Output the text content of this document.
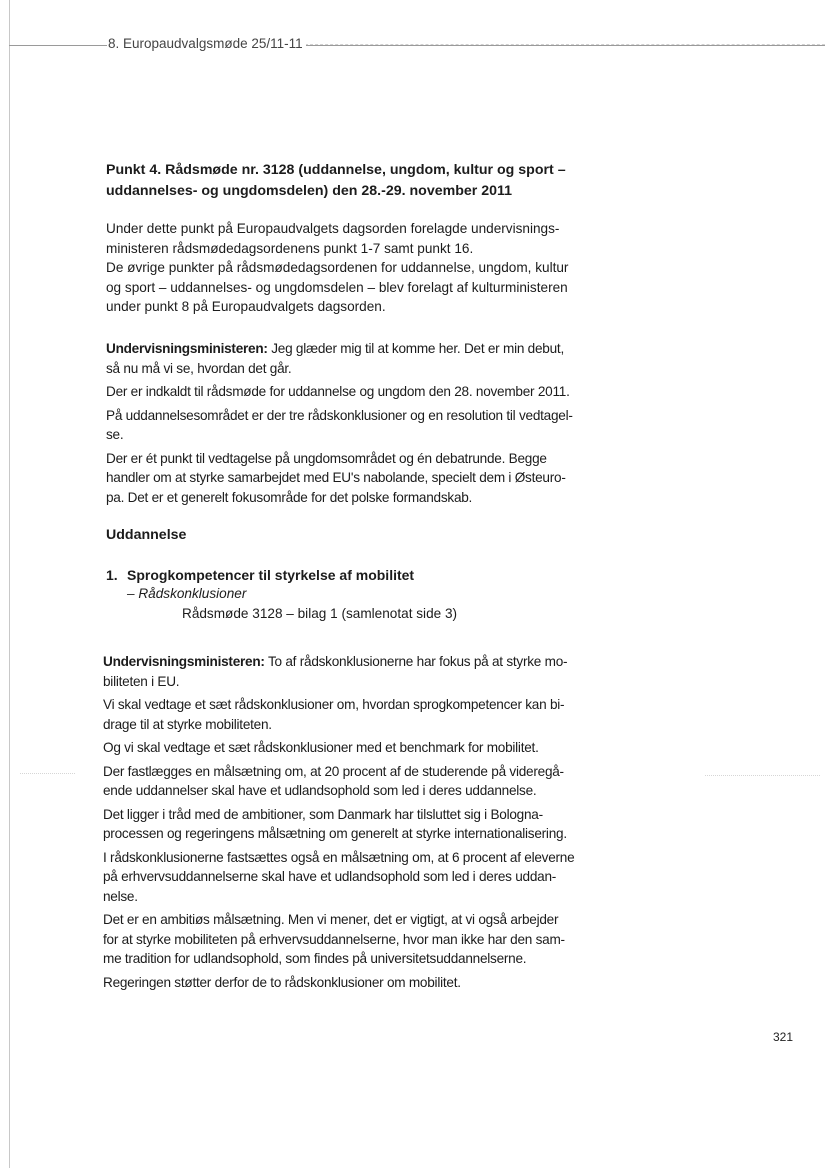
8. Europaudvalgsmøde 25/11-11
Punkt 4. Rådsmøde nr. 3128 (uddannelse, ungdom, kultur og sport –
uddannelses- og ungdomsdelen) den 28.-29. november 2011

Under dette punkt på Europaudvalgets dagsorden forelagde undervisnings-

ministeren rådsmødedagsordenens punkt 1-7 samt punkt 16.

De øvrige punkter på rådsmødedagsordenen for uddannelse, ungdom, kultur

og sport – uddannelses- og ungdomsdelen – blev forelagt af kulturministeren

under punkt 8 på Europaudvalgets dagsorden.

Undervisningsministeren: Jeg glæder mig til at komme her. Det er min debut,

så nu må vi se, hvordan det går.

Der er indkaldt til rådsmøde for uddannelse og ungdom den 28. november 2011.

På uddannelsesområdet er der tre rådskonklusioner og en resolution til vedtagel-

se.

Der er ét punkt til vedtagelse på ungdomsområdet og én debatrunde. Begge

handler om at styrke samarbejdet med EU's nabolande, specielt dem i Østeuro-

pa. Det er et generelt fokusområde for det polske formandskab.

Uddannelse
1. Sprogkompetencer til styrkelse af mobilitet
– Rådskonklusioner
Rådsmøde 3128 – bilag 1 (samlenotat side 3)

Undervisningsministeren: To af rådskonklusionerne har fokus på at styrke mo-

biliteten i EU.

Vi skal vedtage et sæt rådskonklusioner om, hvordan sprogkompetencer kan bi-

drage til at styrke mobiliteten.

Og vi skal vedtage et sæt rådskonklusioner med et benchmark for mobilitet.

Der fastlægges en målsætning om, at 20 procent af de studerende på videregå-

ende uddannelser skal have et udlandsophold som led i deres uddannelse.

Det ligger i tråd med de ambitioner, som Danmark har tilsluttet sig i Bologna-

processen og regeringens målsætning om generelt at styrke internationalisering.

I rådskonklusionerne fastsættes også en målsætning om, at 6 procent af eleverne

på erhvervsuddannelserne skal have et udlandsophold som led i deres uddan-

nelse.

Det er en ambitiøs målsætning. Men vi mener, det er vigtigt, at vi også arbejder

for at styrke mobiliteten på erhvervsuddannelserne, hvor man ikke har den sam-

me tradition for udlandsophold, som findes på universitetsuddannelserne.

Regeringen støtter derfor de to rådskonklusioner om mobilitet.

321
